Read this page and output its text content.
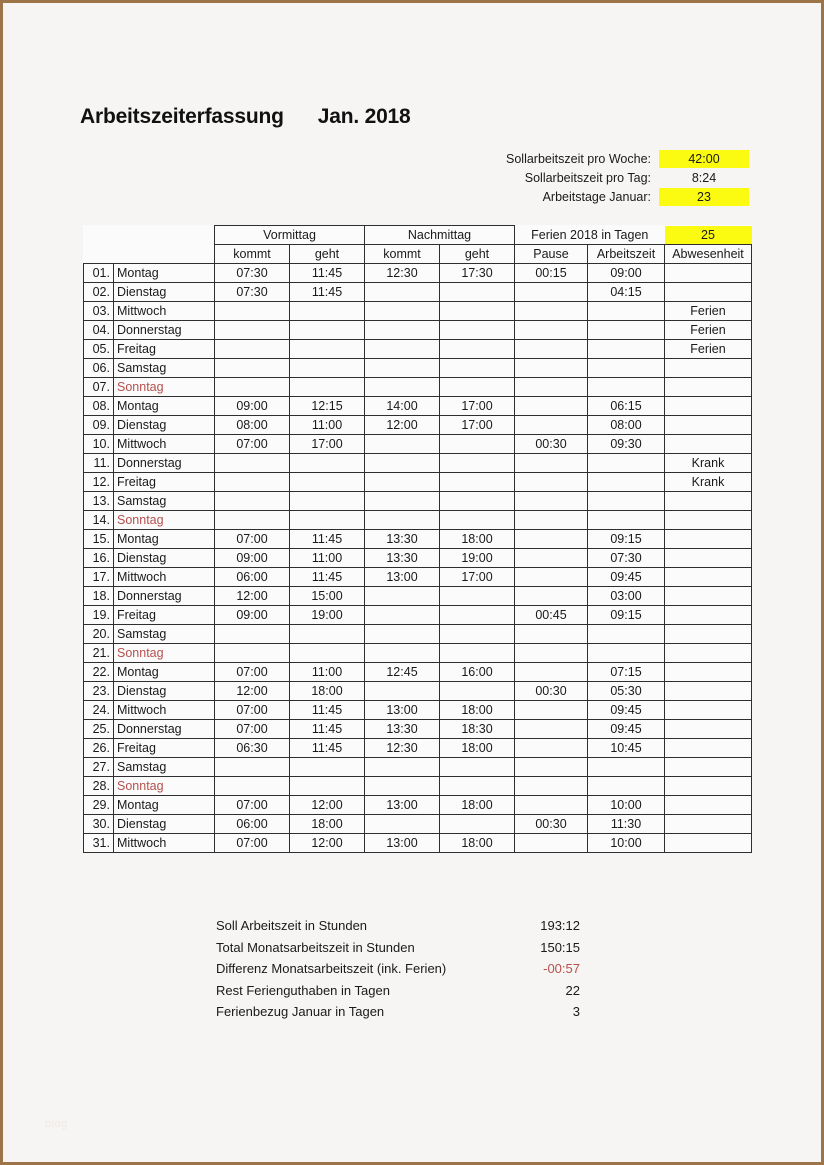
Arbeitszeiterfassung Jan. 2018
Sollarbeitszeit pro Woche:	42:00
Sollarbeitszeit pro Tag:	8:24
Arbeitstage Januar:	23
		Vormittag		Nachmittag		Ferien 2018 in Tagen		25
		kommt	geht	kommt	geht	Pause	Arbeitszeit	Abwesenheit
01.	Montag	07:30	11:45	12:30	17:30	00:15	09:00	
02.	Dienstag	07:30	11:45				04:15	
03.	Mittwoch							Ferien
04.	Donnerstag							Ferien
05.	Freitag							Ferien
06.	Samstag							
07.	Sonntag							
08.	Montag	09:00	12:15	14:00	17:00		06:15	
09.	Dienstag	08:00	11:00	12:00	17:00		08:00	
10.	Mittwoch	07:00	17:00			00:30	09:30	
11.	Donnerstag							Krank
12.	Freitag							Krank
13.	Samstag							
14.	Sonntag							
15.	Montag	07:00	11:45	13:30	18:00		09:15	
16.	Dienstag	09:00	11:00	13:30	19:00		07:30	
17.	Mittwoch	06:00	11:45	13:00	17:00		09:45	
18.	Donnerstag	12:00	15:00				03:00	
19.	Freitag	09:00	19:00			00:45	09:15	
20.	Samstag							
21.	Sonntag							
22.	Montag	07:00	11:00	12:45	16:00		07:15	
23.	Dienstag	12:00	18:00			00:30	05:30	
24.	Mittwoch	07:00	11:45	13:00	18:00		09:45	
25.	Donnerstag	07:00	11:45	13:30	18:30		09:45	
26.	Freitag	06:30	11:45	12:30	18:00		10:45	
27.	Samstag							
28.	Sonntag							
29.	Montag	07:00	12:00	13:00	18:00		10:00	
30.	Dienstag	06:00	18:00			00:30	11:30	
31.	Mittwoch	07:00	12:00	13:00	18:00		10:00	
Soll Arbeitszeit in Stunden	193:12
Total Monatsarbeitszeit in Stunden	150:15
Differenz Monatsarbeitszeit (ink. Ferien)	-00:57
Rest Ferienguthaben in Tagen	22
Ferienbezug Januar in Tagen	3
blog
